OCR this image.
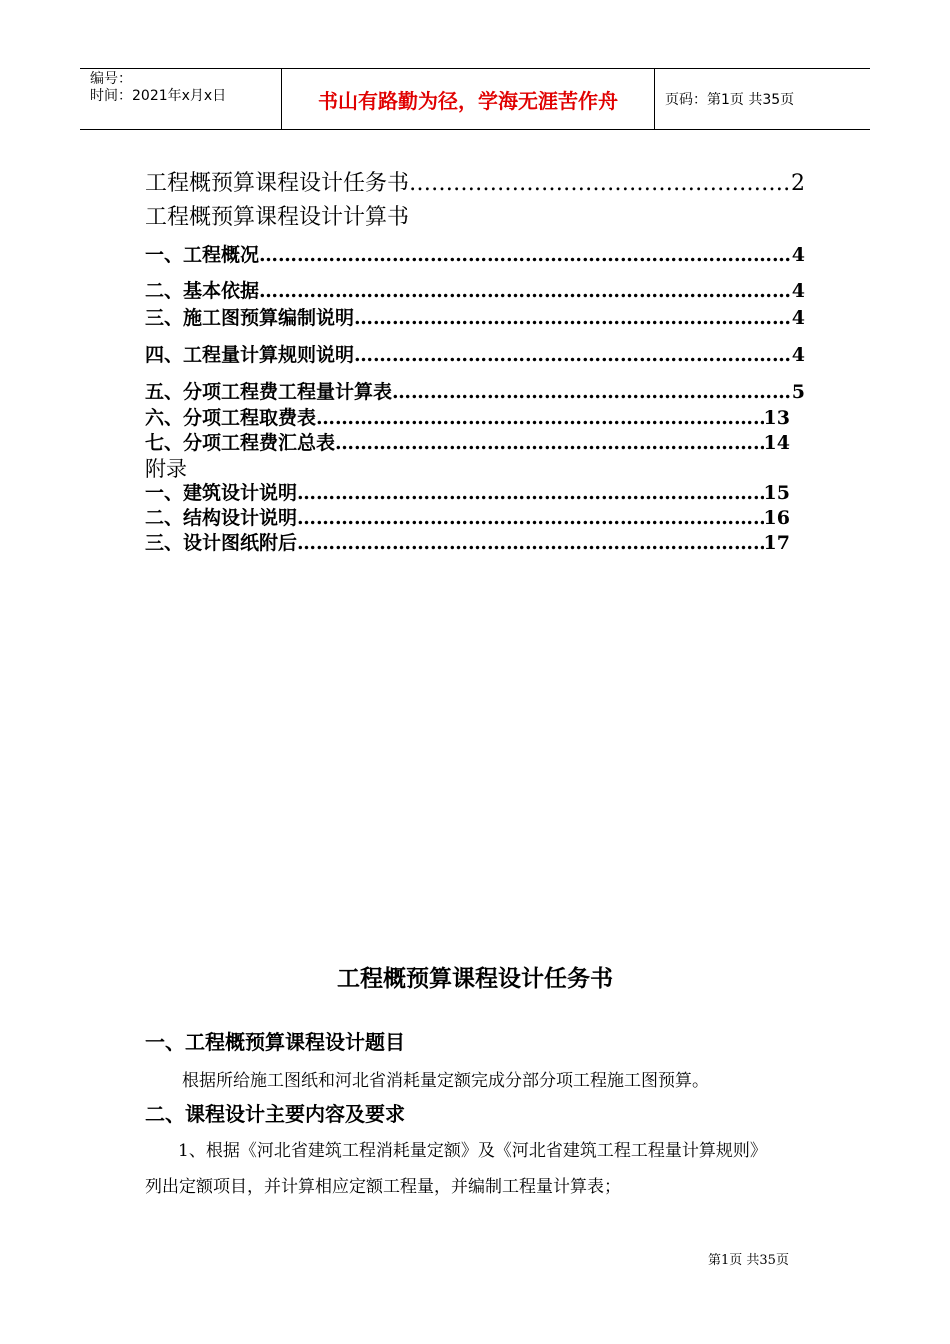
编号：
时间：2021年x月x日	书山有路勤为径，学海无涯苦作舟	页码：第1页 共35页
工程概预算课程设计任务书 ………………………………………………………………………………………………………………………………………………………………………………………………	2
工程概预算课程设计计算书
一、工程概况 ………………………………………………………………………………………………………………………………………………………………………………………………	4
二、基本依据 ………………………………………………………………………………………………………………………………………………………………………………………………	4
三、施工图预算编制说明 ………………………………………………………………………………………………………………………………………………………………………………………………	4
四、工程量计算规则说明 ………………………………………………………………………………………………………………………………………………………………………………………………	4
五、分项工程费工程量计算表 ………………………………………………………………………………………………………………………………………………………………………………………………	5
六、分项工程取费表 ………………………………………………………………………………………………………………………………………………………………………………………………	13
七、分项工程费汇总表 ………………………………………………………………………………………………………………………………………………………………………………………………	14
附录
一、建筑设计说明 ………………………………………………………………………………………………………………………………………………………………………………………………	15
二、结构设计说明 ………………………………………………………………………………………………………………………………………………………………………………………………	16
三、设计图纸附后 ………………………………………………………………………………………………………………………………………………………………………………………………	17
工程概预算课程设计任务书
一、工程概预算课程设计题目
根据所给施工图纸和河北省消耗量定额完成分部分项工程施工图预算。
二、课程设计主要内容及要求
1、根据《河北省建筑工程消耗量定额》及《河北省建筑工程工程量计算规则》
列出定额项目，并计算相应定额工程量，并编制工程量计算表；
第1页 共35页
